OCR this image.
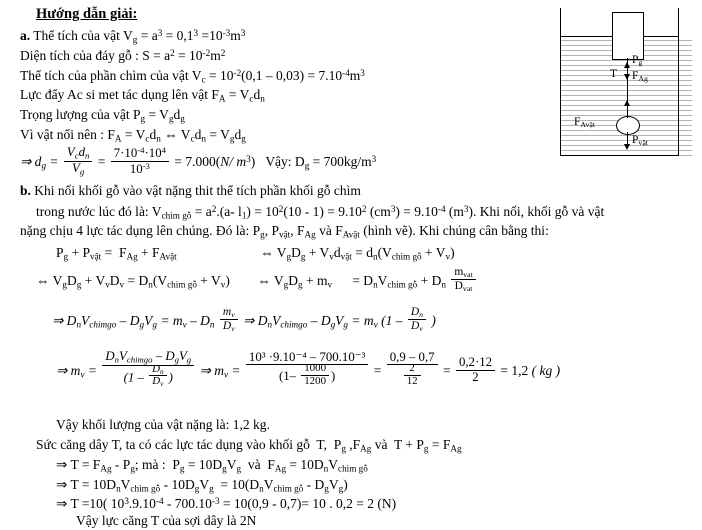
Hướng dẫn giải:
$P_g$
$F_{Ag}$
T
$F_{Avật}$
$P_{vật}$
a. Thể tích của vật $V_g = a^3 = 0,1^3 =10^{-3}m^3$
Diện tích của đáy gỗ : $S = a^2 = 10^{-2}m^2$
Thể tích của phần chìm của vật $V_c = 10^{-2}(0,1 - 0,03) = 7.10^{-4}m^3$
Lực đẩy Ac si met tác dụng lên vật $F_A = V_cd_n$
Trọng lượng của vật $P_g = V_gd_g$
Vì vật nổi nên : $F_A = V_cd_n$ ⇔ $V_cd_n = V_gd_g$
⇒ $d_g = \frac{V_cd_n}{V_g} = \frac{7\cdot 10^{-4}\cdot 10^4}{10^{-3}} = 7.000(N/$ $m^3$)   Vậy: $D_g = 700kg/m^3$
b. Khi nối khối gỗ vào vật nặng thit thể tích phần khối gỗ chìm
trong nước lúc đó là: $V_{chìm gỗ} = a^2.(a-$ $l_1) = 10^2(10 - 1) = 9.10^2$ $(cm^3) = 9.10^{-4}$ $(m^3)$. Khi nối, khối gỗ và vật
nặng chịu 4 lực tác dụng lên chúng. Đó là: $P_g$, $P_{vật}$, $F_{Ag}$ và $F_{Avật}$ (hình vẽ). Khi chúng cân bằng thi:
$P_g + P_{vật} = F_{Ag} + F_{Avật}$	⇔ $V_gD_g + V_vd_{vật} = d_n(V_{chim gỗ} + V_v)$
⇔ $V_gD_g + V_vD_v = D_n(V_{chim gỗ} + V_v)$ ⇔ $V_gD_g + m_v$      = $D_nV_{chim gỗ} + D_n \frac{m_{vat}}{D_{vat}}$
⇒ $D_nV_{chimgo} - D_gV_g = m_v - D_n \frac{m_v}{D_v}$ ⇒ $D_nV_{chimgo} - D_gV_g = m_v$ ($1 - \frac{D_n}{D_v}$ )
⇒ $m_v = \frac{D_nV_{chimgo} - D_gV_g}{(1 - \frac{D_n}{D_v} )}$ ⇒ $m_v = \frac{\text{10³ ·9.10⁻⁴ – 700.10⁻³}}{(1- \frac{1000}{1200} )} = \frac{0,9 - 0,7}{\frac{2}{12}} = \frac{0,2\cdot 12}{2} = 1,2$ ( kg )
Vậy khối lượng của vật nặng là: 1,2 kg.
Sức căng dây T, ta có các lực tác dụng vào khối gỗ  T,  $P_g$ $,F_{Ag}$ và  $T + P_g = F_{Ag}$
⇒ $T = F_{Ag} - P_g$; mà :  $P_g = 10D_gV_g$  và  $F_{Ag} = 10D_nV_{chìm gỗ}$
⇒ $T = 10D_nV_{chìm gỗ} - 10D_gV_g = 10(D_nV_{chìm gỗ} - D_gV_g)$
⇒ T =10( $10^3.9.10^{-4} - 700.10^{-3} = 10(0,9 - 0,7)= 10$ . 0,2 = 2 (N)
Vậy lực căng T của sợi dây là 2N
